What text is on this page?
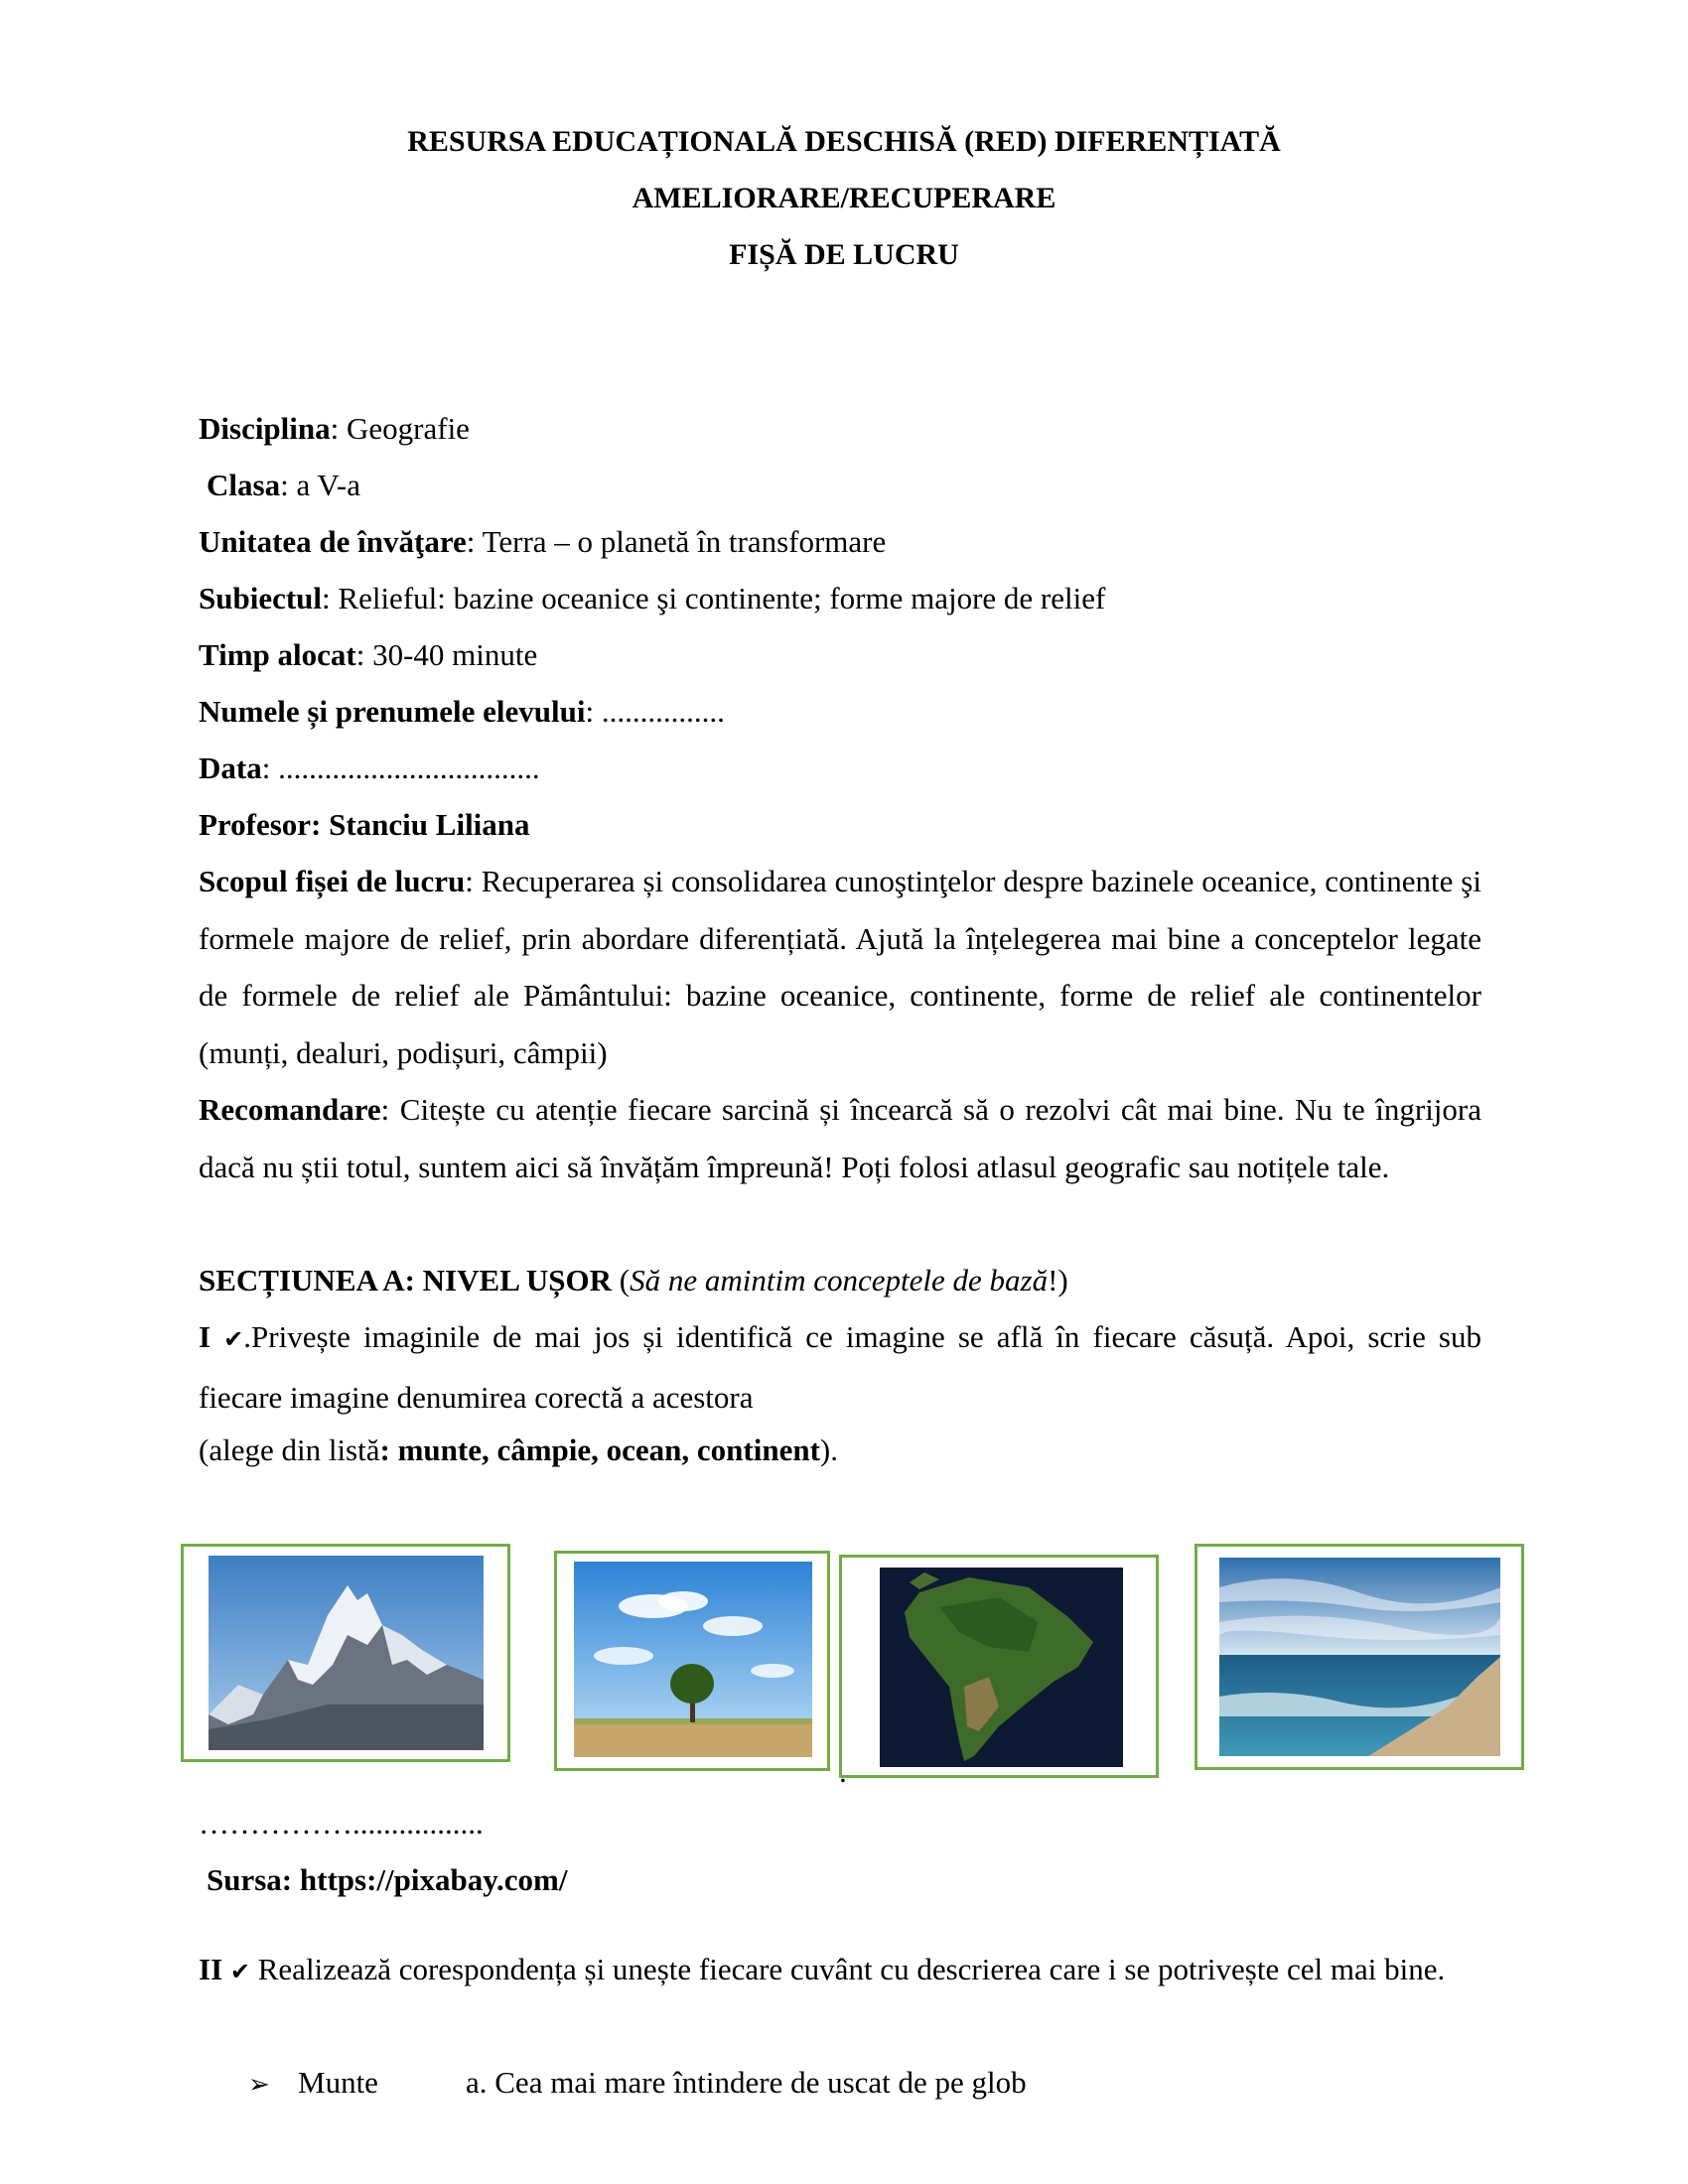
RESURSA EDUCAȚIONALĂ DESCHISĂ (RED) DIFERENȚIATĂ

AMELIORARE/RECUPERARE

FIȘĂ DE LUCRU

Disciplina: Geografie
Clasa: a V-a
Unitatea de învăţare: Terra – o planetă în transformare
Subiectul: Relieful: bazine oceanice şi continente; forme majore de relief
Timp alocat: 30-40 minute
Numele și prenumele elevului: ................
Data: ..................................
Profesor: Stanciu Liliana
Scopul fișei de lucru: Recuperarea și consolidarea cunoştinţelor despre bazinele oceanice, continente şi formele majore de relief, prin abordare diferențiată. Ajută la înțelegerea mai bine a conceptelor legate de formele de relief ale Pământului: bazine oceanice, continente, forme de relief ale continentelor (munți, dealuri, podișuri, câmpii)
Recomandare: Citește cu atenție fiecare sarcină și încearcă să o rezolvi cât mai bine. Nu te îngrijora dacă nu știi totul, suntem aici să învățăm împreună! Poți folosi atlasul geografic sau notițele tale.
SECȚIUNEA A: NIVEL UȘOR (Să ne amintim conceptele de bază!)
I ✔.Privește imaginile de mai jos și identifică ce imagine se află în fiecare căsuță. Apoi, scrie sub fiecare imagine denumirea corectă a acestora
(alege din listă: munte, câmpie, ocean, continent).
.
…………….................
Sursa: https://pixabay.com/
II ✔ Realizează corespondența și unește fiecare cuvânt cu descrierea care i se potrivește cel mai bine.
➢ Munte	a. Cea mai mare întindere de uscat de pe glob
